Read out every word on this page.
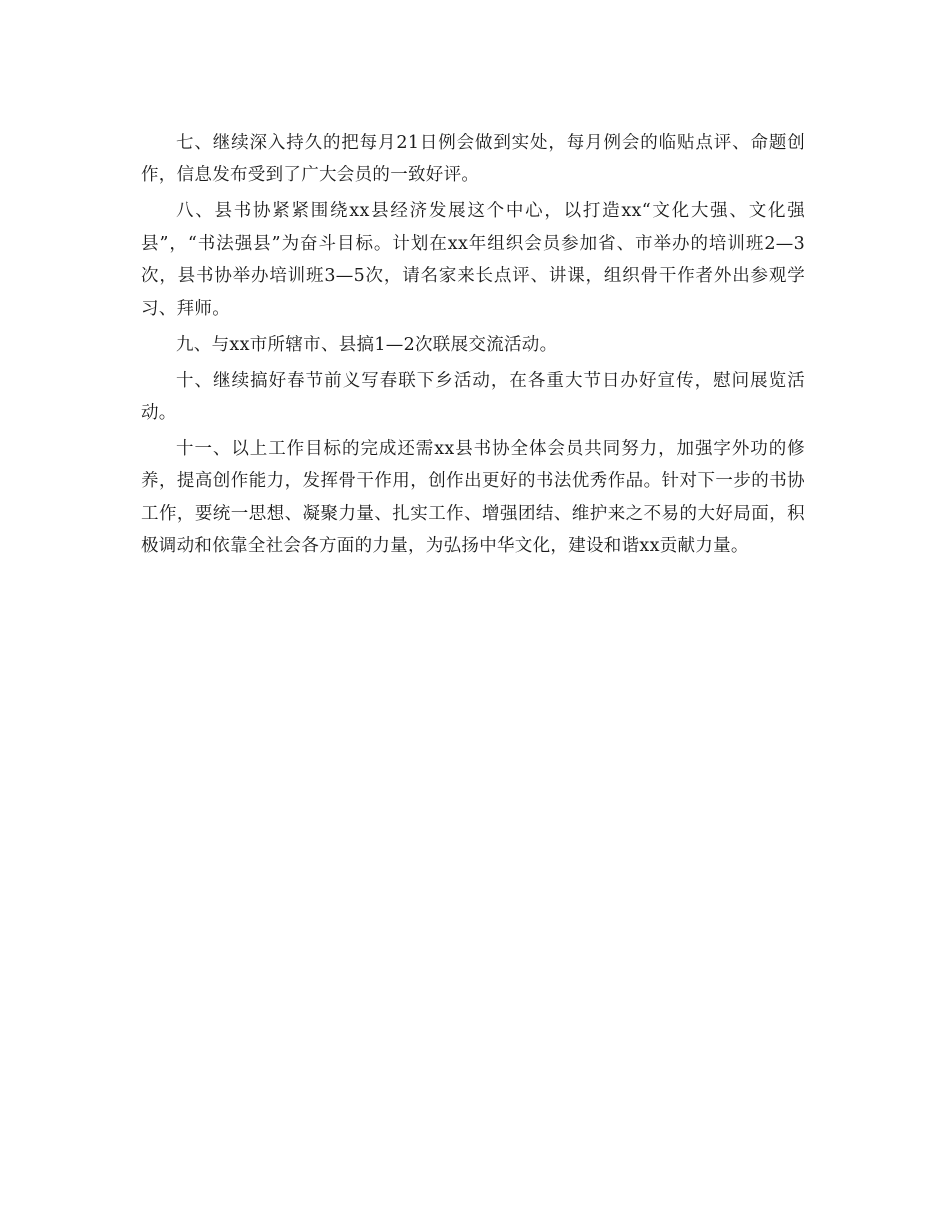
七、继续深入持久的把每月21日例会做到实处，每月例会的临贴点评、命题创作，信息发布受到了广大会员的一致好评。

八、县书协紧紧围绕xx县经济发展这个中心，以打造xx“文化大强、文化强县”，“书法强县”为奋斗目标。计划在xx年组织会员参加省、市举办的培训班2—3次，县书协举办培训班3—5次，请名家来长点评、讲课，组织骨干作者外出参观学习、拜师。

九、与xx市所辖市、县搞1—2次联展交流活动。

十、继续搞好春节前义写春联下乡活动，在各重大节日办好宣传，慰问展览活动。

十一、以上工作目标的完成还需xx县书协全体会员共同努力，加强字外功的修养，提高创作能力，发挥骨干作用，创作出更好的书法优秀作品。针对下一步的书协工作，要统一思想、凝聚力量、扎实工作、增强团结、维护来之不易的大好局面，积极调动和依靠全社会各方面的力量，为弘扬中华文化，建设和谐xx贡献力量。
